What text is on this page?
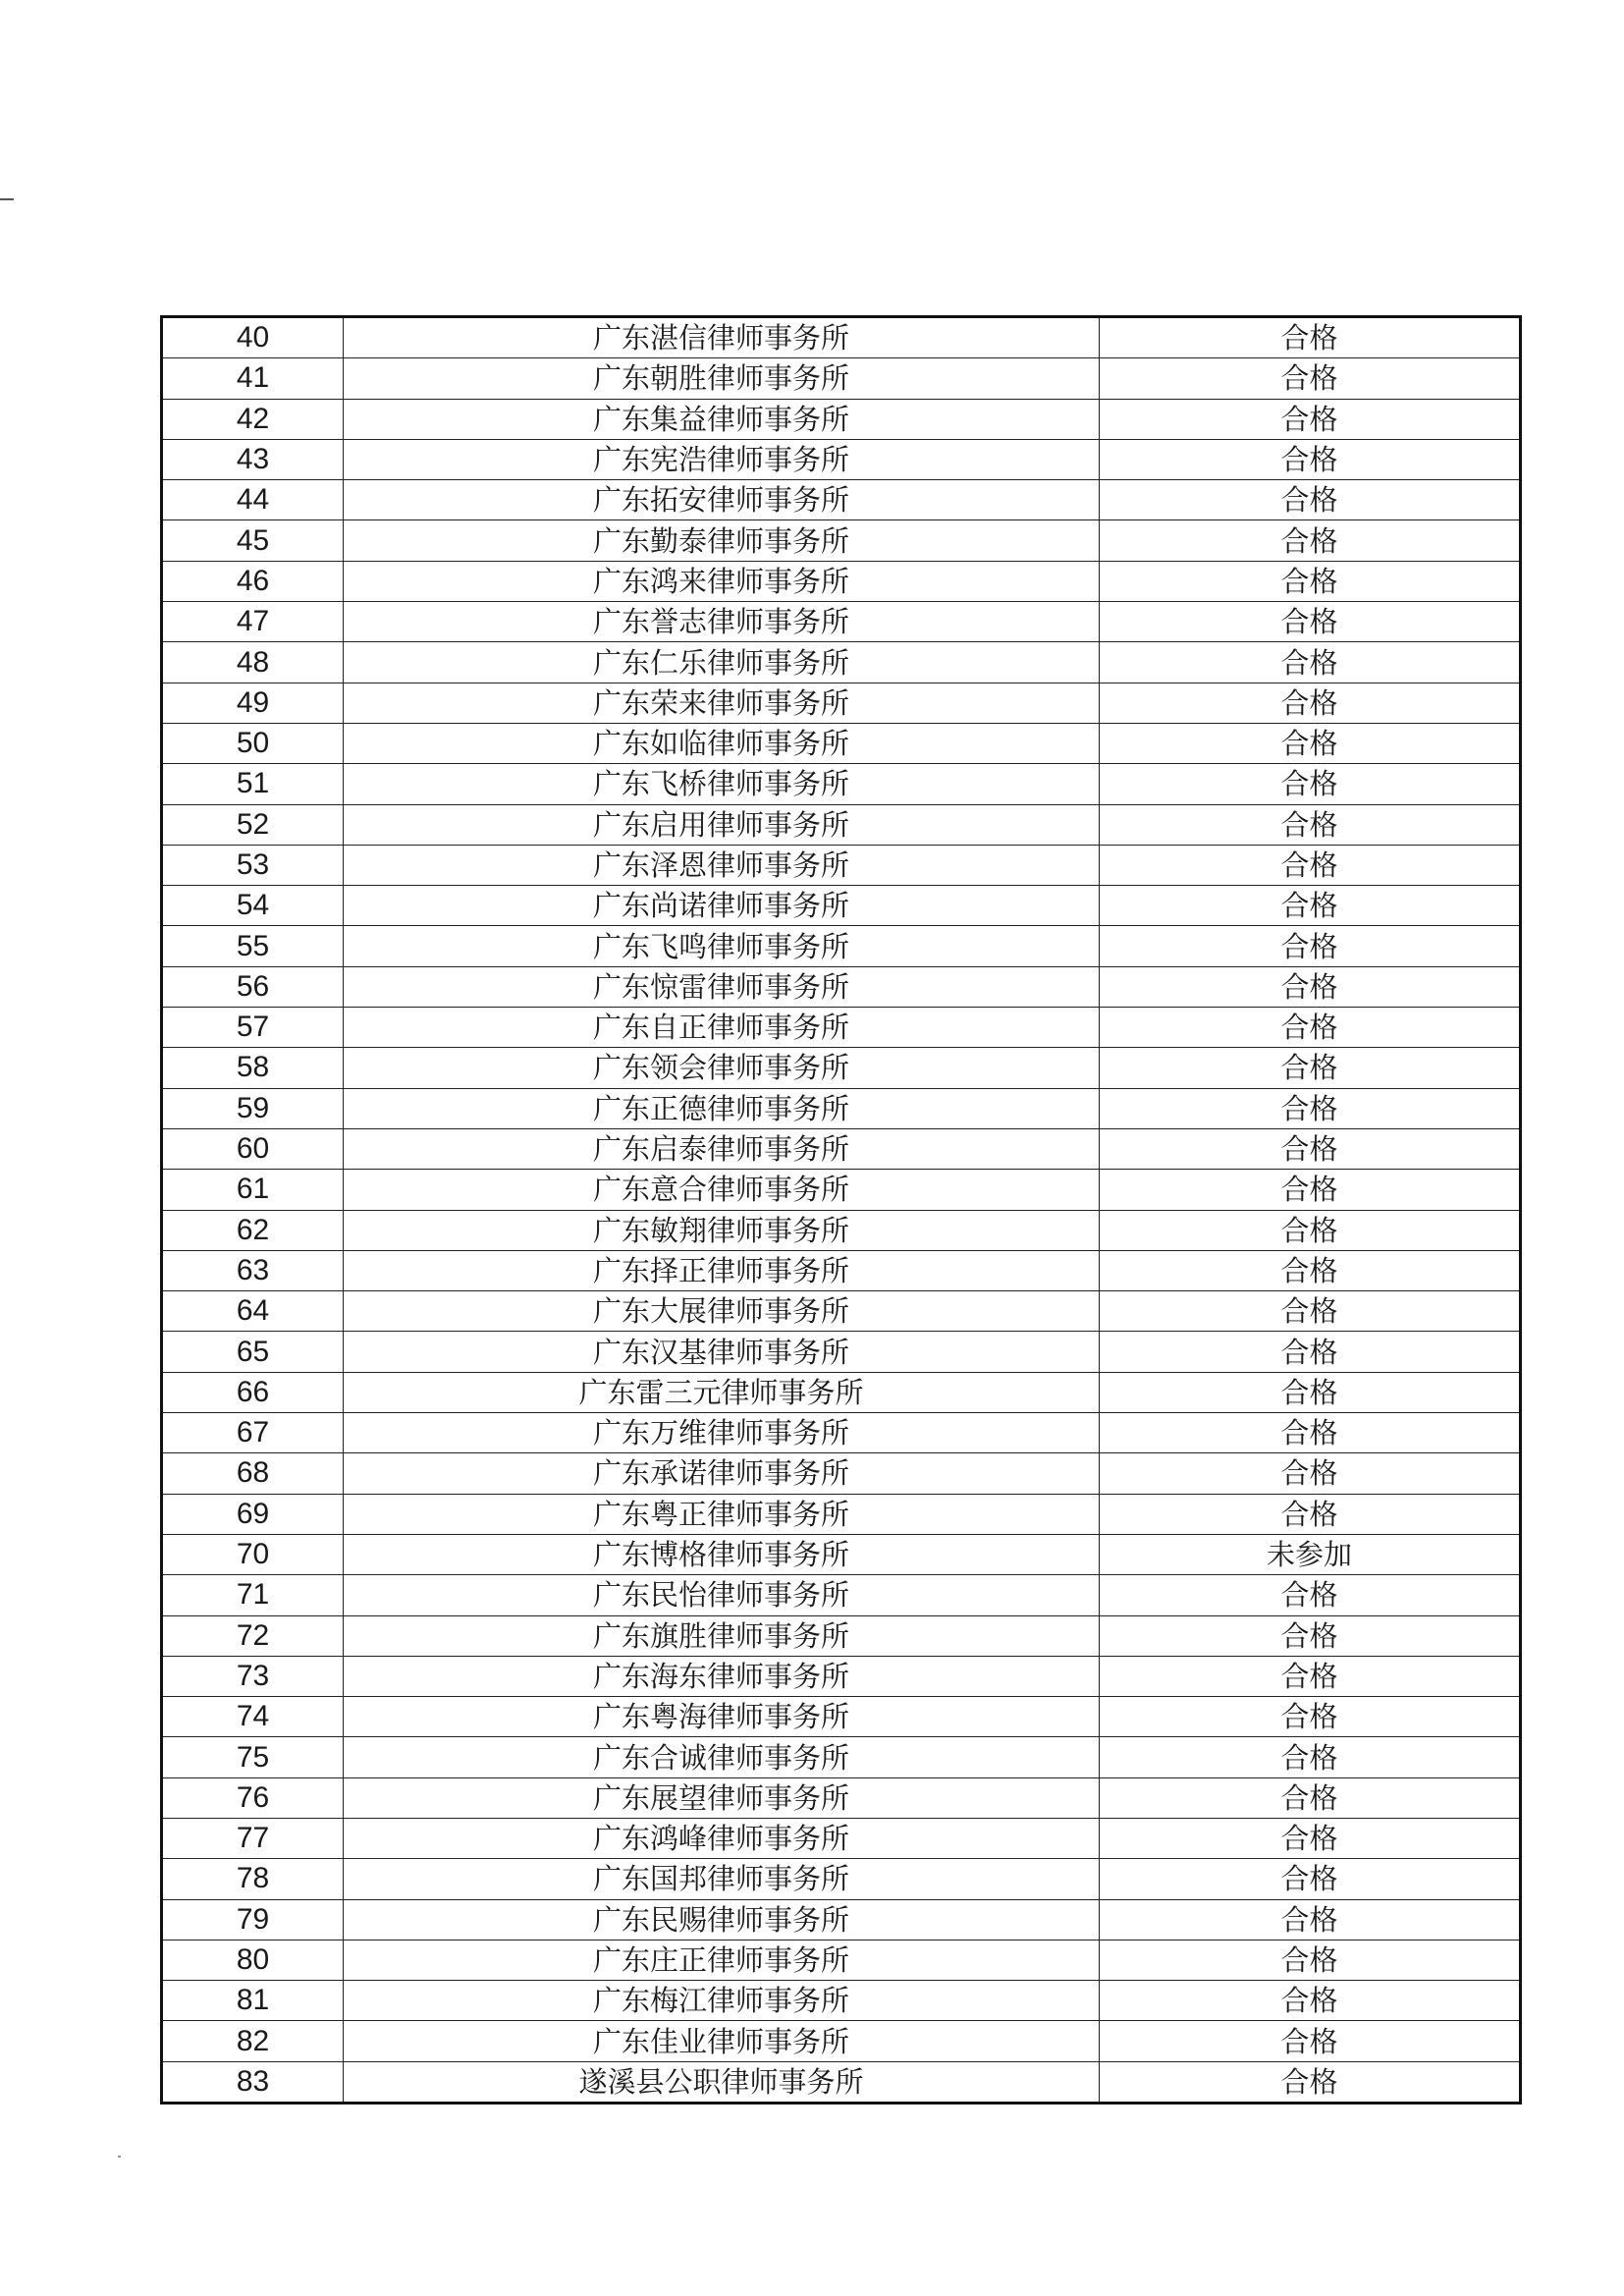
40	广东湛信律师事务所	合格
41	广东朝胜律师事务所	合格
42	广东集益律师事务所	合格
43	广东宪浩律师事务所	合格
44	广东拓安律师事务所	合格
45	广东勤泰律师事务所	合格
46	广东鸿来律师事务所	合格
47	广东誉志律师事务所	合格
48	广东仁乐律师事务所	合格
49	广东荣来律师事务所	合格
50	广东如临律师事务所	合格
51	广东飞桥律师事务所	合格
52	广东启用律师事务所	合格
53	广东泽恩律师事务所	合格
54	广东尚诺律师事务所	合格
55	广东飞鸣律师事务所	合格
56	广东惊雷律师事务所	合格
57	广东自正律师事务所	合格
58	广东领会律师事务所	合格
59	广东正德律师事务所	合格
60	广东启泰律师事务所	合格
61	广东意合律师事务所	合格
62	广东敏翔律师事务所	合格
63	广东择正律师事务所	合格
64	广东大展律师事务所	合格
65	广东汉基律师事务所	合格
66	广东雷三元律师事务所	合格
67	广东万维律师事务所	合格
68	广东承诺律师事务所	合格
69	广东粤正律师事务所	合格
70	广东博格律师事务所	未参加
71	广东民怡律师事务所	合格
72	广东旗胜律师事务所	合格
73	广东海东律师事务所	合格
74	广东粤海律师事务所	合格
75	广东合诚律师事务所	合格
76	广东展望律师事务所	合格
77	广东鸿峰律师事务所	合格
78	广东国邦律师事务所	合格
79	广东民赐律师事务所	合格
80	广东庄正律师事务所	合格
81	广东梅江律师事务所	合格
82	广东佳业律师事务所	合格
83	遂溪县公职律师事务所	合格
